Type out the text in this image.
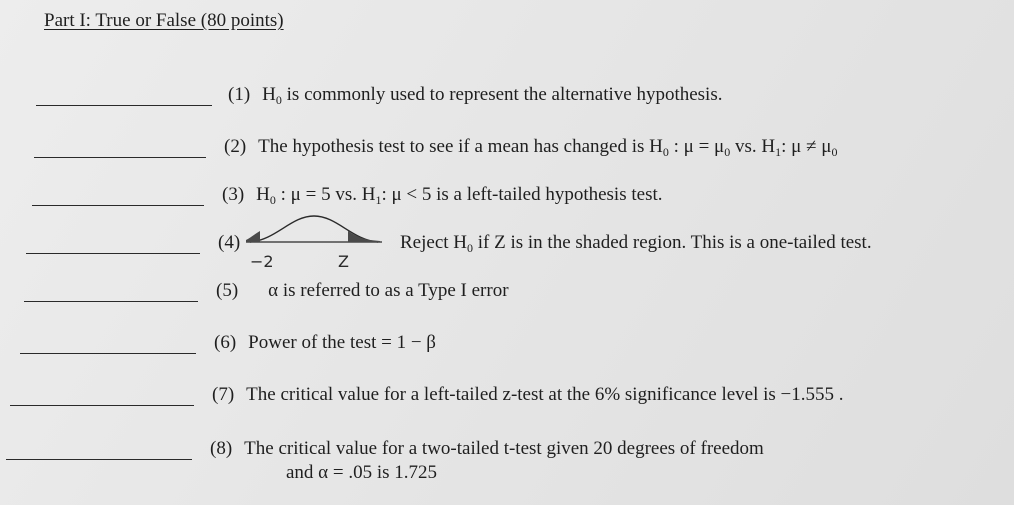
Part I: True or False (80 points)
(1) $H_0$ is commonly used to represent the alternative hypothesis.
(2) The hypothesis test to see if a mean has changed is $H_0$ : $\mu = \mu_0$ vs. $H_1$: $\mu \ne \mu_0$
(3) $H_0$ : μ = 5 vs. $H_1$: μ < 5 is a left-tailed hypothesis test.
(4)
−2	Z
Reject $H_0$ if Z is in the shaded region. This is a one-tailed test.
(5) α is referred to as a Type I error
(6) Power of the test = 1 − β
(7) The critical value for a left-tailed z-test at the 6% significance level is −1.555 .
(8) The critical value for a two-tailed t-test given 20 degrees of freedom
and α = .05 is 1.725
